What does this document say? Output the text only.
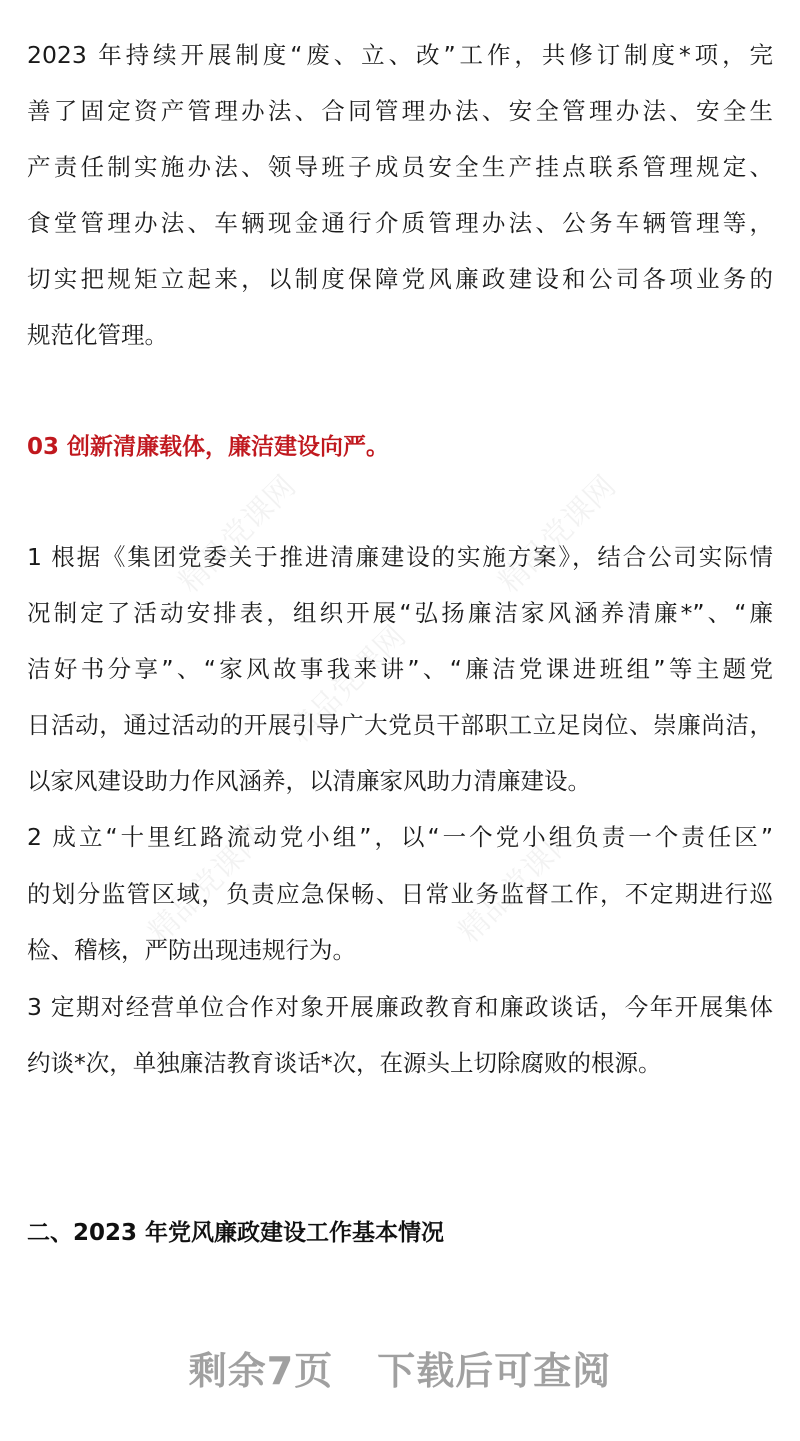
精品党课网	精品党课网
精品党课网
精品党课网	精品党课网
2023 年持续开展制度“废、立、改”工作，共修订制度*项，完
善了固定资产管理办法、合同管理办法、安全管理办法、安全生
产责任制实施办法、领导班子成员安全生产挂点联系管理规定、
食堂管理办法、车辆现金通行介质管理办法、公务车辆管理等，
切实把规矩立起来，以制度保障党风廉政建设和公司各项业务的
规范化管理。
03 创新清廉载体，廉洁建设向严。
1 根据《集团党委关于推进清廉建设的实施方案》，结合公司实际情
况制定了活动安排表，组织开展“弘扬廉洁家风涵养清廉*”、“廉
洁好书分享”、“家风故事我来讲”、“廉洁党课进班组”等主题党
日活动，通过活动的开展引导广大党员干部职工立足岗位、崇廉尚洁，
以家风建设助力作风涵养，以清廉家风助力清廉建设。
2 成立“十里红路流动党小组”，以“一个党小组负责一个责任区”
的划分监管区域，负责应急保畅、日常业务监督工作，不定期进行巡
检、稽核，严防出现违规行为。
3 定期对经营单位合作对象开展廉政教育和廉政谈话，今年开展集体
约谈*次，单独廉洁教育谈话*次，在源头上切除腐败的根源。
二、2023 年党风廉政建设工作基本情况
剩余7页 下载后可查阅
